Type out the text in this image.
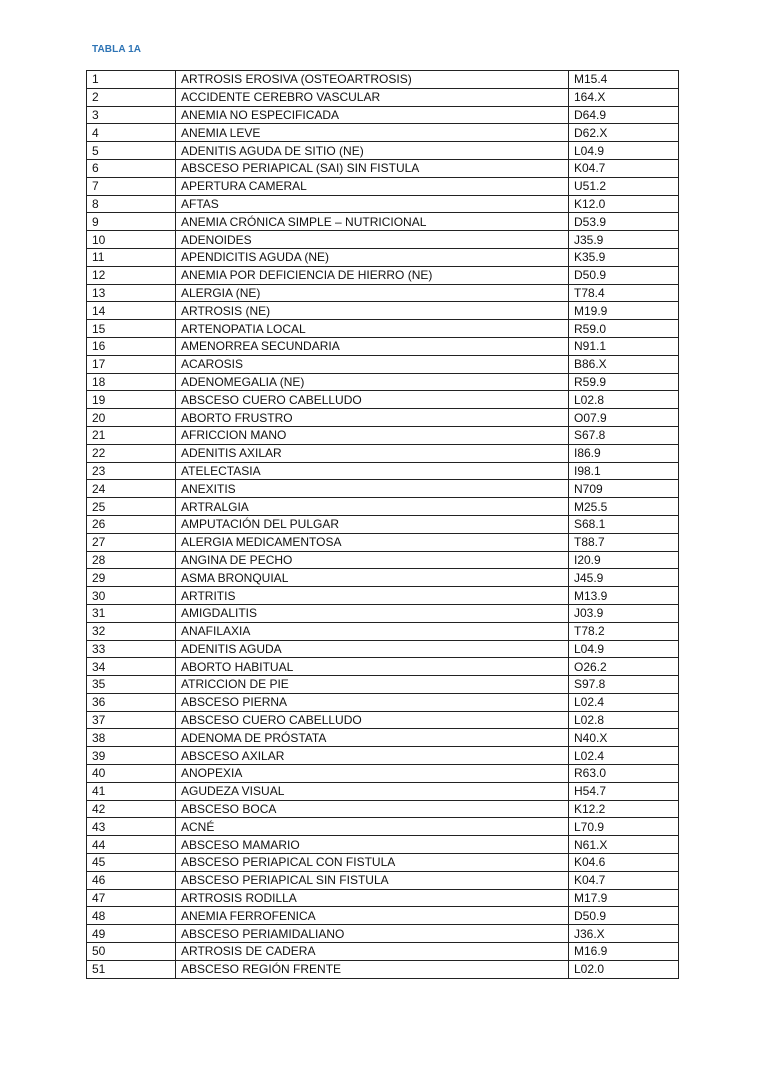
TABLA 1A
1	ARTROSIS EROSIVA (OSTEOARTROSIS)	M15.4
2	ACCIDENTE CEREBRO VASCULAR	164.X
3	ANEMIA NO ESPECIFICADA	D64.9
4	ANEMIA LEVE	D62.X
5	ADENITIS AGUDA DE SITIO (NE)	L04.9
6	ABSCESO PERIAPICAL (SAI) SIN FISTULA	K04.7
7	APERTURA CAMERAL	U51.2
8	AFTAS	K12.0
9	ANEMIA CRÓNICA SIMPLE – NUTRICIONAL	D53.9
10	ADENOIDES	J35.9
11	APENDICITIS AGUDA (NE)	K35.9
12	ANEMIA POR DEFICIENCIA DE HIERRO (NE)	D50.9
13	ALERGIA (NE)	T78.4
14	ARTROSIS (NE)	M19.9
15	ARTENOPATIA LOCAL	R59.0
16	AMENORREA SECUNDARIA	N91.1
17	ACAROSIS	B86.X
18	ADENOMEGALIA (NE)	R59.9
19	ABSCESO CUERO CABELLUDO	L02.8
20	ABORTO FRUSTRO	O07.9
21	AFRICCION MANO	S67.8
22	ADENITIS AXILAR	I86.9
23	ATELECTASIA	I98.1
24	ANEXITIS	N709
25	ARTRALGIA	M25.5
26	AMPUTACIÓN DEL PULGAR	S68.1
27	ALERGIA MEDICAMENTOSA	T88.7
28	ANGINA DE PECHO	I20.9
29	ASMA BRONQUIAL	J45.9
30	ARTRITIS	M13.9
31	AMIGDALITIS	J03.9
32	ANAFILAXIA	T78.2
33	ADENITIS AGUDA	L04.9
34	ABORTO HABITUAL	O26.2
35	ATRICCION DE PIE	S97.8
36	ABSCESO PIERNA	L02.4
37	ABSCESO CUERO CABELLUDO	L02.8
38	ADENOMA DE PRÓSTATA	N40.X
39	ABSCESO AXILAR	L02.4
40	ANOPEXIA	R63.0
41	AGUDEZA VISUAL	H54.7
42	ABSCESO BOCA	K12.2
43	ACNÉ	L70.9
44	ABSCESO MAMARIO	N61.X
45	ABSCESO PERIAPICAL CON FISTULA	K04.6
46	ABSCESO PERIAPICAL SIN FISTULA	K04.7
47	ARTROSIS RODILLA	M17.9
48	ANEMIA FERROFENICA	D50.9
49	ABSCESO PERIAMIDALIANO	J36.X
50	ARTROSIS DE CADERA	M16.9
51	ABSCESO REGIÓN FRENTE	L02.0
